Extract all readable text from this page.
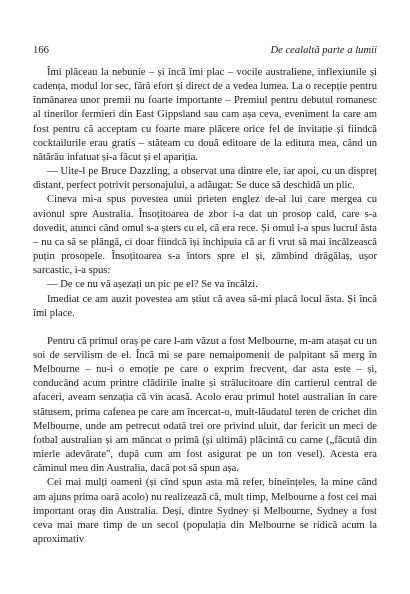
166	De cealaltă parte a lumii

Îmi plăceau la nebunie – și încă îmi plac – vocile australiene, inflexiunile și cadența, modul lor sec, fără efort și direct de a vedea lumea. La o recepție pentru înmânarea unor premii nu foarte importante – Premiul pentru debutul romanesc al tinerilor fermieri din East Gippsland sau cam așa ceva, eveniment la care am fost pentru că acceptam cu foarte mare plăcere orice fel de invitație și fiindcă cocktailurile erau gratis – stăteam cu două editoare de la editura mea, când un nătărău infatuat și-a făcut și el apariția.

— Uite-l pe Bruce Dazzling, a observat una dintre ele, iar apoi, cu un dispreț distant, perfect potrivit personajului, a adăugat: Se duce să deschidă un plic.

Cineva mi-a spus povestea unui prieten englez de-al lui care mergea cu avionul spre Australia. Însoțitoarea de zbor i-a dat un prosop cald, care s-a dovedit, atunci când omul s-a șters cu el, că era rece. Și omul i-a spus lucrul ăsta – nu ca să se plângă, ci doar fiindcă își închipuia că ar fi vrut să mai încălzească puțin prosopele. Însoțitoarea s-a întors spre el și, zâmbind drăgălaș, ușor sarcastic, i-a spus:

— De ce nu vă așezați un pic pe el? Se va încălzi.

Imediat ce am auzit povestea am știut că avea să-mi placă locul ăsta. Și încă îmi place.

Pentru că primul oraș pe care l-am văzut a fost Melbourne, m-am atașat cu un soi de servilism de el. Încă mi se pare nemaipomenit de palpitant să merg în Melbourne – nu-i o emoție pe care o exprim frecvent, dar asta este – și, conducând acum printre clădirile înalte și strălucitoare din cartierul central de afaceri, aveam senzația că vin acasă. Acolo erau primul hotel australian în care stătusem, prima cafenea pe care am încercat-o, mult-lăudatul teren de crichet din Melbourne, unde am petrecut odată trei ore privind uluit, dar fericit un meci de fotbal australian și am mâncat o primă (și ultimă) plăcintă cu carne („făcută din mierle adevărate", după cum am fost asigurat pe un ton vesel). Acesta era căminul meu din Australia, dacă pot să spun așa.

Cei mai mulți oameni (și cînd spun asta mă refer, bineînțeles, la mine când am ajuns prima oară acolo) nu realizează că, mult timp, Melbourne a fost cel mai important oraș din Australia. Deși, dintre Sydney și Melbourne, Sydney a fost ceva mai mare timp de un secol (populația din Melbourne se ridică acum la aproximativ
